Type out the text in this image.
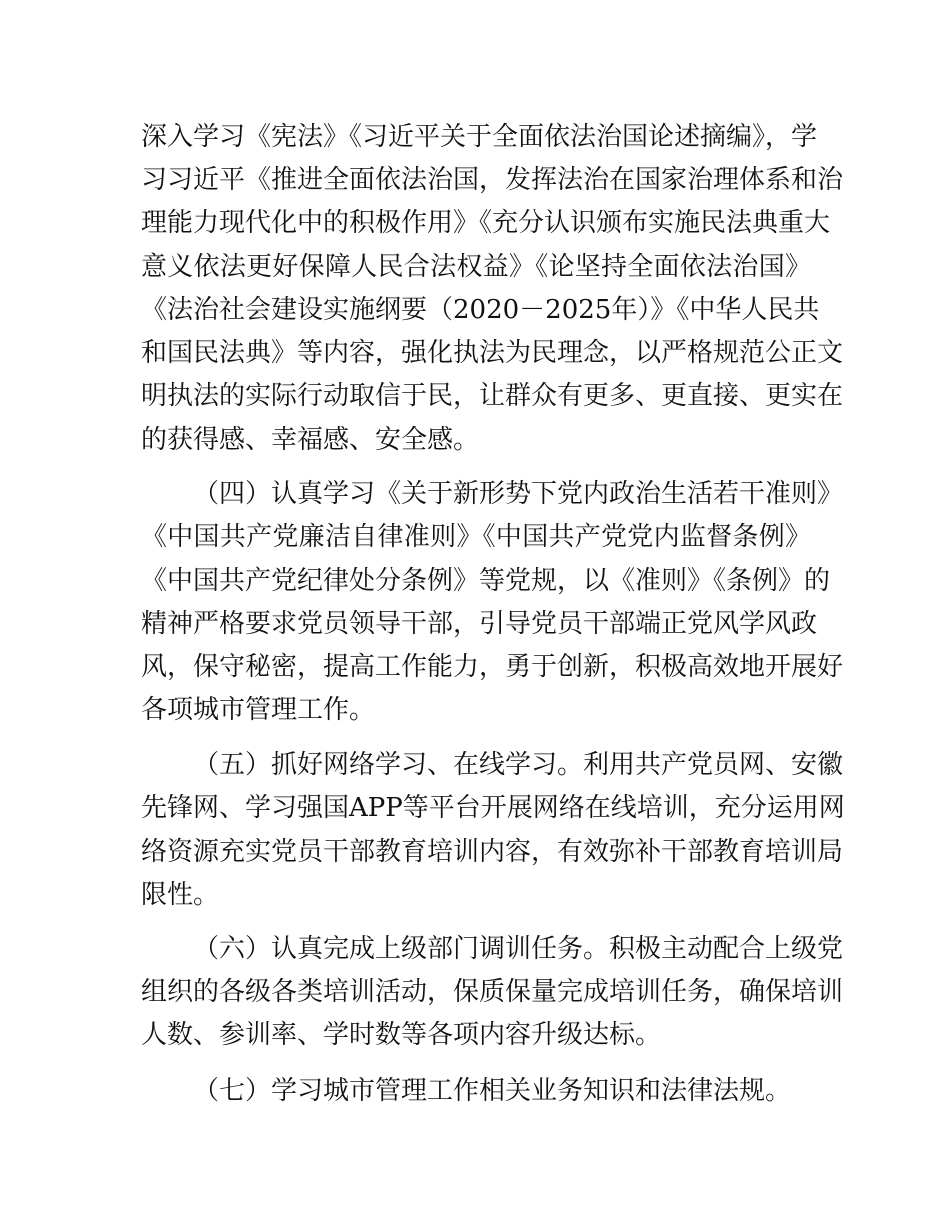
深入学习《宪法》《习近平关于全面依法治国论述摘编》，学
习习近平《推进全面依法治国，发挥法治在国家治理体系和治
理能力现代化中的积极作用》《充分认识颁布实施民法典重大
意义依法更好保障人民合法权益》《论坚持全面依法治国》
《法治社会建设实施纲要（2020－2025年）》《中华人民共
和国民法典》等内容，强化执法为民理念，以严格规范公正文
明执法的实际行动取信于民，让群众有更多、更直接、更实在
的获得感、幸福感、安全感。
（四）认真学习《关于新形势下党内政治生活若干准则》
《中国共产党廉洁自律准则》《中国共产党党内监督条例》
《中国共产党纪律处分条例》等党规，以《准则》《条例》的
精神严格要求党员领导干部，引导党员干部端正党风学风政
风，保守秘密，提高工作能力，勇于创新，积极高效地开展好
各项城市管理工作。
（五）抓好网络学习、在线学习。利用共产党员网、安徽
先锋网、学习强国APP等平台开展网络在线培训，充分运用网
络资源充实党员干部教育培训内容，有效弥补干部教育培训局
限性。
（六）认真完成上级部门调训任务。积极主动配合上级党
组织的各级各类培训活动，保质保量完成培训任务，确保培训
人数、参训率、学时数等各项内容升级达标。
（七）学习城市管理工作相关业务知识和法律法规。
